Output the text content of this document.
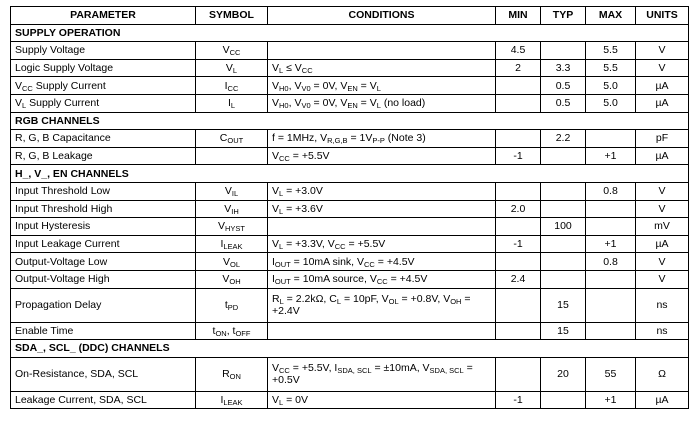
PARAMETER	SYMBOL	CONDITIONS	MIN	TYP	MAX	UNITS
SUPPLY OPERATION						
Supply Voltage	$V_{CC}$		4.5		5.5	V
Logic Supply Voltage	$V_L$	$V_L \le V_{CC}$	2	3.3	5.5	V
$V_{CC}$ Supply Current	$I_{CC}$	$V_{H0}$, $V_{V0} = 0V$, $V_{EN} = V_L$		0.5	5.0	µA
$V_L$ Supply Current	$I_L$	$V_{H0}$, $V_{V0} = 0V$, $V_{EN} = V_L$ (no load)		0.5	5.0	µA
RGB CHANNELS						
R, G, B Capacitance	$C_{OUT}$	f = 1MHz, $V_{R,G,B} = 1V_{P-P}$ (Note 3)		2.2		pF
R, G, B Leakage		$V_{CC} = +5.5V$	-1		+1	µA
H_, V_, EN CHANNELS						
Input Threshold Low	$V_{IL}$	$V_L = +3.0V$			0.8	V
Input Threshold High	$V_{IH}$	$V_L = +3.6V$	2.0			V
Input Hysteresis	$V_{HYST}$			100		mV
Input Leakage Current	$I_{LEAK}$	$V_L = +3.3V$, $V_{CC} = +5.5V$	-1		+1	µA
Output-Voltage Low	$V_{OL}$	$I_{OUT} = 10mA$ sink, $V_{CC} = +4.5V$			0.8	V
Output-Voltage High	$V_{OH}$	$I_{OUT} = 10mA$ source, $V_{CC} = +4.5V$	2.4			V
Propagation Delay	$t_{PD}$	$R_L = 2.2k\Omega$, $C_L = 10pF$, $V_{OL} = +0.8V$, $V_{OH} = +2.4V$		15		ns
Enable Time	$t_{ON}$, $t_{OFF}$			15		ns
SDA_, SCL_ (DDC) CHANNELS						
On-Resistance, SDA, SCL	$R_{ON}$	$V_{CC} = +5.5V$, $I_{SDA, SCL} = \pm 10mA$, $V_{SDA, SCL} = +0.5V$		20	55	Ω
Leakage Current, SDA, SCL	$I_{LEAK}$	$V_L = 0V$	-1		+1	µA
